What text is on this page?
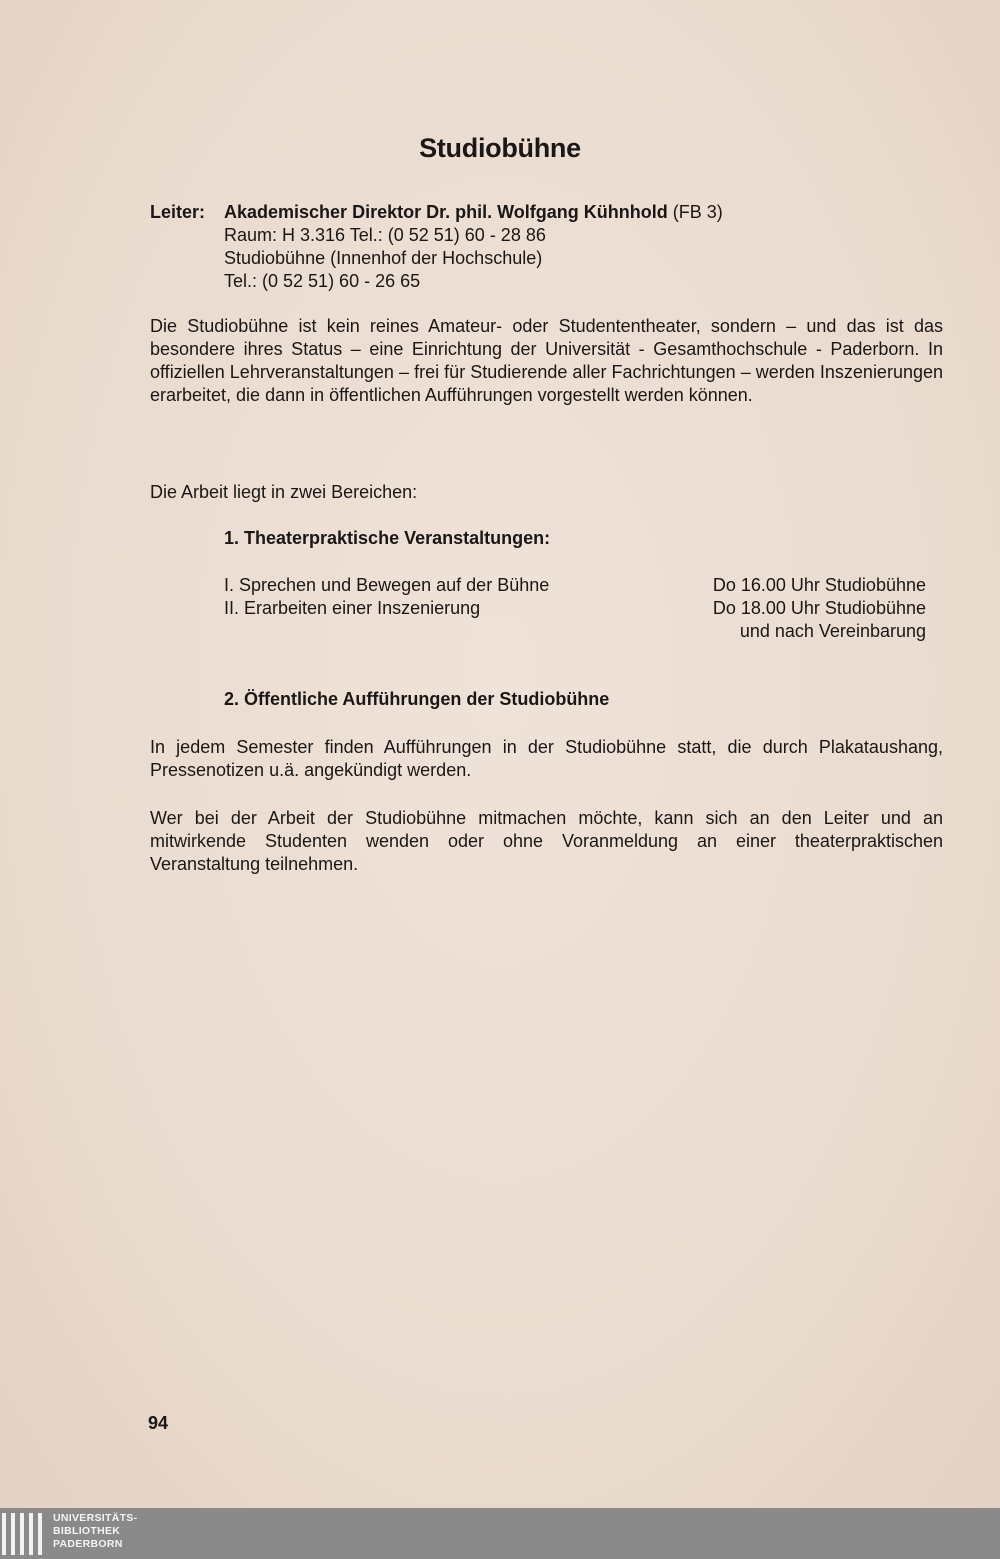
Studiobühne
Leiter: Akademischer Direktor Dr. phil. Wolfgang Kühnhold (FB 3)
Raum: H 3.316 Tel.: (0 52 51) 60 - 28 86
Studiobühne (Innenhof der Hochschule)
Tel.: (0 52 51) 60 - 26 65
Die Studiobühne ist kein reines Amateur- oder Studententheater, sondern – und das ist das besondere ihres Status – eine Einrichtung der Universität - Gesamthochschule - Paderborn. In offiziellen Lehrveranstaltungen – frei für Studierende aller Fachrichtungen – werden Inszenierungen erarbeitet, die dann in öffentlichen Aufführungen vorgestellt werden können.
Die Arbeit liegt in zwei Bereichen:
1. Theaterpraktische Veranstaltungen:
I. Sprechen und Bewegen auf der Bühne	Do 16.00 Uhr Studiobühne
II. Erarbeiten einer Inszenierung	Do 18.00 Uhr Studiobühne
und nach Vereinbarung
2. Öffentliche Aufführungen der Studiobühne
In jedem Semester finden Aufführungen in der Studiobühne statt, die durch Plakataushang, Pressenotizen u.ä. angekündigt werden.
Wer bei der Arbeit der Studiobühne mitmachen möchte, kann sich an den Leiter und an mitwirkende Studenten wenden oder ohne Voranmeldung an einer theaterpraktischen Veranstaltung teilnehmen.
94
UNIVERSITÄTS-
BIBLIOTHEK
PADERBORN
